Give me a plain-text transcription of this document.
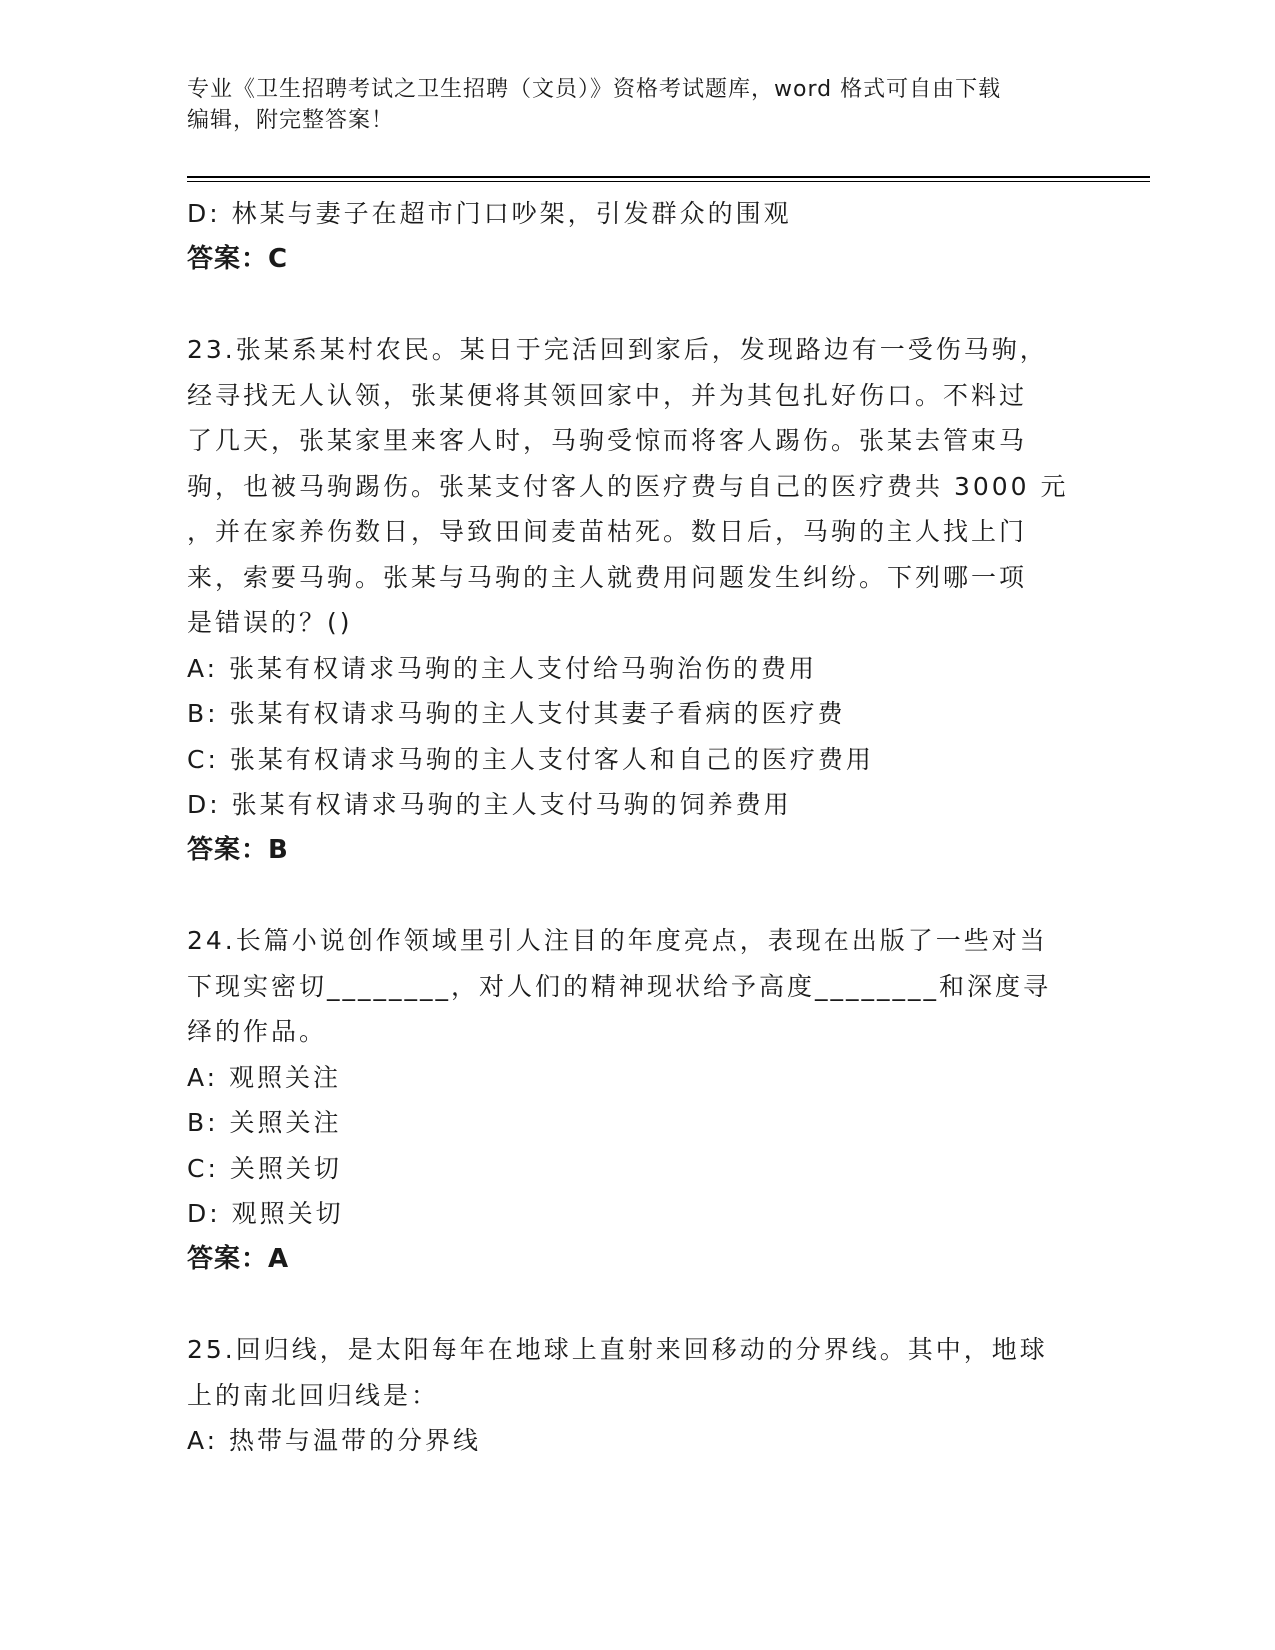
专业《卫生招聘考试之卫生招聘（文员）》资格考试题库，word 格式可自由下载
编辑，附完整答案！
D: 林某与妻子在超市门口吵架，引发群众的围观
答案：C
23.张某系某村农民。某日于完活回到家后，发现路边有一受伤马驹，
经寻找无人认领，张某便将其领回家中，并为其包扎好伤口。不料过
了几天，张某家里来客人时，马驹受惊而将客人踢伤。张某去管束马
驹，也被马驹踢伤。张某支付客人的医疗费与自己的医疗费共 3000 元
，并在家养伤数日，导致田间麦苗枯死。数日后，马驹的主人找上门
来，索要马驹。张某与马驹的主人就费用问题发生纠纷。下列哪一项
是错误的？()
A: 张某有权请求马驹的主人支付给马驹治伤的费用
B: 张某有权请求马驹的主人支付其妻子看病的医疗费
C: 张某有权请求马驹的主人支付客人和自己的医疗费用
D: 张某有权请求马驹的主人支付马驹的饲养费用
答案：B
24.长篇小说创作领域里引人注目的年度亮点，表现在出版了一些对当
下现实密切________，对人们的精神现状给予高度________和深度寻
绎的作品。
A: 观照关注
B: 关照关注
C: 关照关切
D: 观照关切
答案：A
25.回归线，是太阳每年在地球上直射来回移动的分界线。其中，地球
上的南北回归线是：
A: 热带与温带的分界线
